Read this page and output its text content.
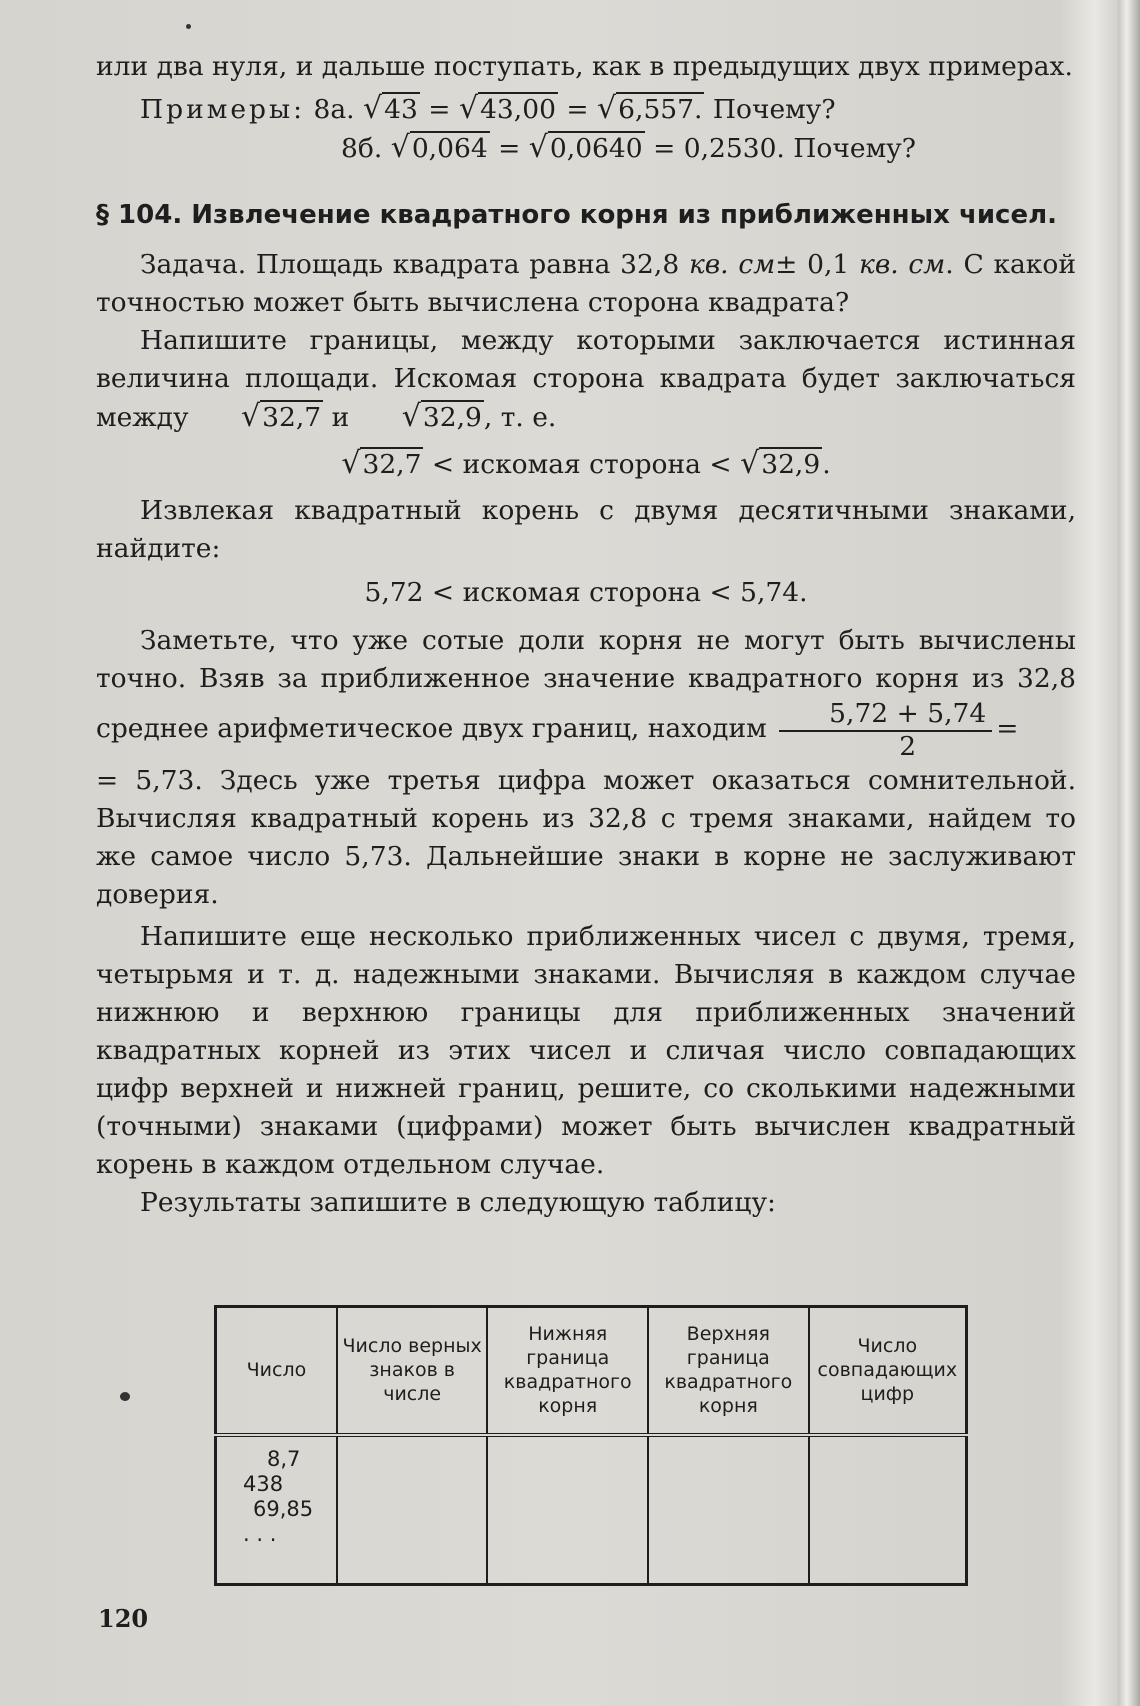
или два нуля, и дальше поступать, как в предыдущих двух примерах.

Примеры: 8а. √43 = √43,00 = √6,557. Почему?
8б. √0,064 = √0,0640 = 0,2530. Почему?

§ 104. Извлечение квадратного корня из приближенных чисел.

Задача. Площадь квадрата равна 32,8 кв. см± 0,1 кв. см. С какой точностью может быть вычислена сторона квадрата?

Напишите границы, между которыми заключается истинная величина площади. Искомая сторона квадрата будет заключаться между √32,7 и √32,9, т. е.

√32,7 < искомая сторона < √32,9.

Извлекая квадратный корень с двумя десятичными знаками, найдите:

5,72 < искомая сторона < 5,74.

Заметьте, что уже сотые доли корня не могут быть вычислены точно. Взяв за приближенное значение квадратного корня из 32,8 среднее арифметическое двух границ, находим $\frac{5,72 + 5,74}{2}$ =

= 5,73. Здесь уже третья цифра может оказаться сомнительной. Вычисляя квадратный корень из 32,8 с тремя знаками, найдем то же самое число 5,73. Дальнейшие знаки в корне не заслуживают доверия.

Напишите еще несколько приближенных чисел с двумя, тремя, четырьмя и т. д. надежными знаками. Вычисляя в каждом случае нижнюю и верхнюю границы для приближенных значений квадратных корней из этих чисел и сличая число совпадающих цифр верхней и нижней границ, решите, со сколькими надежными (точными) знаками (цифрами) может быть вычислен квадратный корень в каждом отдельном случае.

Результаты запишите в следующую таблицу:

Число	Число верных знаков в числе	Нижняя граница квадратного корня	Верхняя граница квадратного корня	Число совпадающих цифр

8,7
438
69,85
. . .				

120
